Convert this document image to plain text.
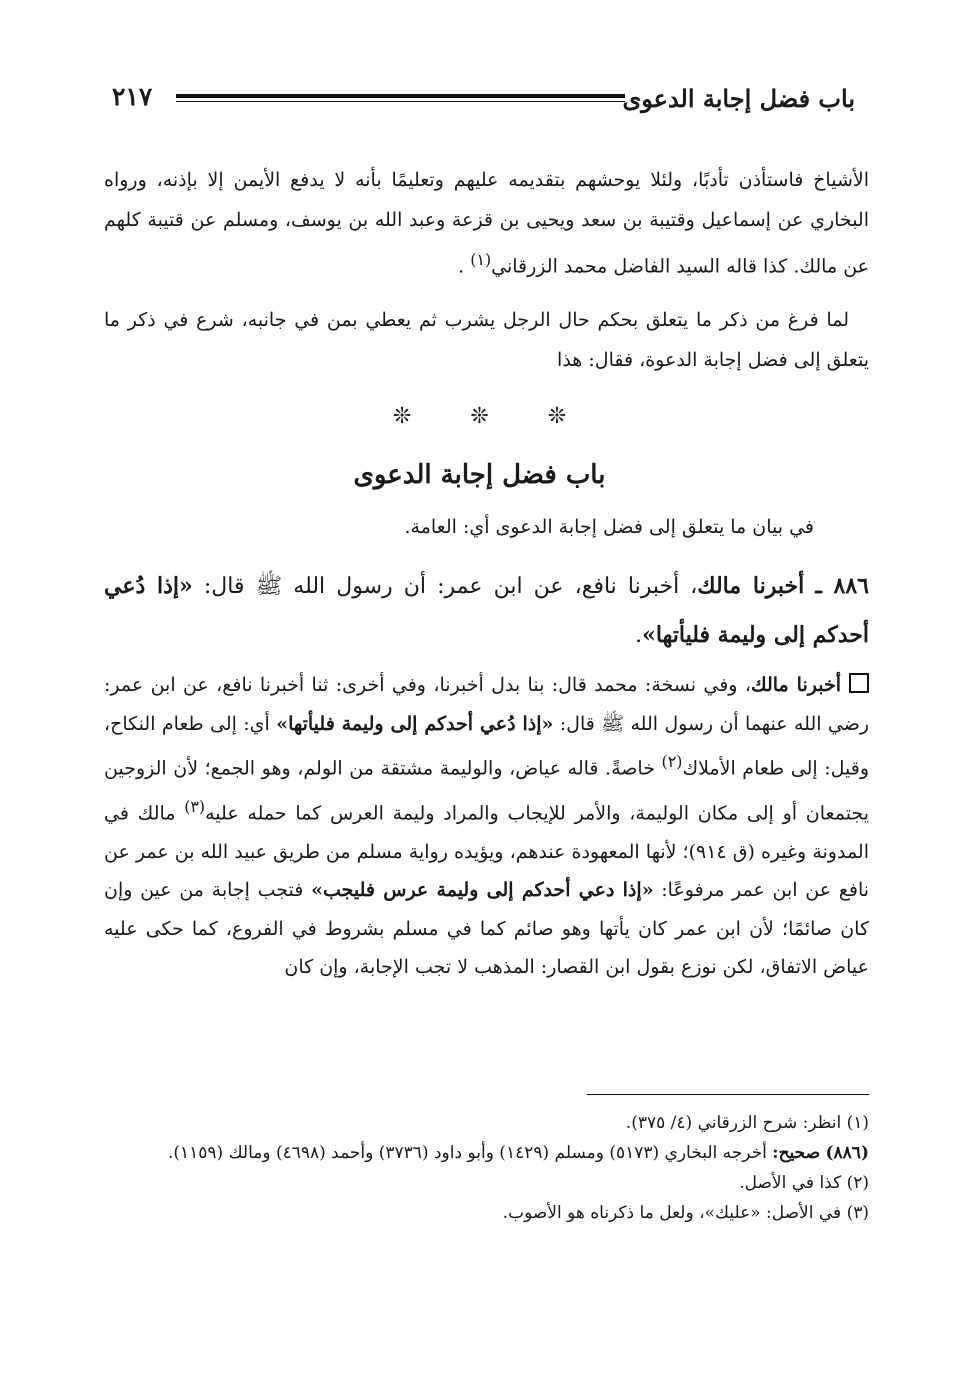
باب فضل إجابة الدعوى
٢١٧

الأشياخ فاستأذن تأدبًا، ولئلا يوحشهم بتقديمه عليهم وتعليمًا بأنه لا يدفع الأيمن إلا بإذنه، ورواه البخاري عن إسماعيل وقتيبة بن سعد ويحيى بن قزعة وعبد الله بن يوسف، ومسلم عن قتيبة كلهم عن مالك. كذا قاله السيد الفاضل محمد الزرقاني$^{(١)}$ .

لما فرغ من ذكر ما يتعلق بحكم حال الرجل يشرب ثم يعطي بمن في جانبه، شرع في ذكر ما يتعلق إلى فضل إجابة الدعوة، فقال: هذا

❊	❊	❊
باب فضل إجابة الدعوى
في بيان ما يتعلق إلى فضل إجابة الدعوى أي: العامة.
٨٨٦ ـ أخبرنا مالك، أخبرنا نافع، عن ابن عمر: أن رسول الله ﷺ قال: «إذا دُعي أحدكم إلى وليمة فليأتها».
أخبرنا مالك، وفي نسخة: محمد قال: بنا بدل أخبرنا، وفي أخرى: ثنا أخبرنا نافع، عن ابن عمر: رضي الله عنهما أن رسول الله ﷺ قال: «إذا دُعي أحدكم إلى وليمة فليأتها» أي: إلى طعام النكاح، وقيل: إلى طعام الأملاك$^{(٢)}$ خاصةً. قاله عياض، والوليمة مشتقة من الولم، وهو الجمع؛ لأن الزوجين يجتمعان أو إلى مكان الوليمة، والأمر للإيجاب والمراد وليمة العرس كما حمله عليه$^{(٣)}$ مالك في المدونة وغيره (ق ٩١٤)؛ لأنها المعهودة عندهم، ويؤيده رواية مسلم من طريق عبيد الله بن عمر عن نافع عن ابن عمر مرفوعًا: «إذا دعي أحدكم إلى وليمة عرس فليجب» فتجب إجابة من عين وإن كان صائمًا؛ لأن ابن عمر كان يأتها وهو صائم كما في مسلم بشروط في الفروع، كما حكى عليه عياض الاتفاق، لكن نوزع بقول ابن القصار: المذهب لا تجب الإجابة، وإن كان

(١) انظر: شرح الزرقاني (٤/ ٣٧٥).

(٨٨٦) صحيح: أخرجه البخاري (٥١٧٣) ومسلم (١٤٢٩) وأبو داود (٣٧٣٦) وأحمد (٤٦٩٨) ومالك (١١٥٩).

(٢) كذا في الأصل.

(٣) في الأصل: «عليك»، ولعل ما ذكرناه هو الأصوب.
